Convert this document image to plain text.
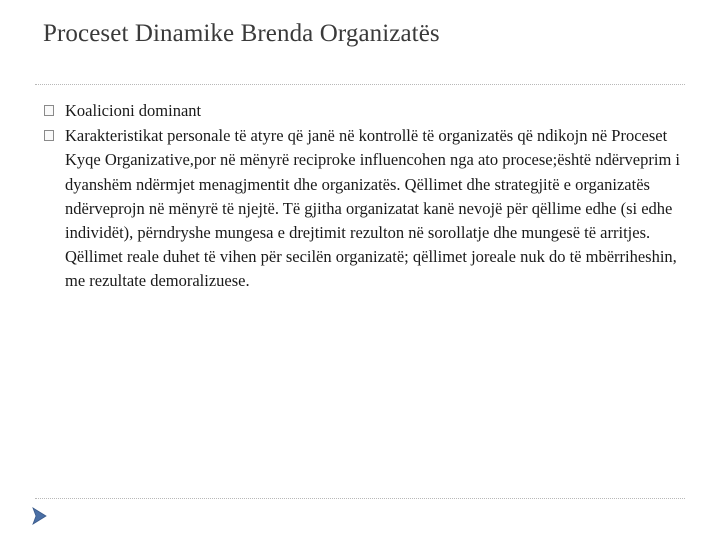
Proceset Dinamike Brenda Organizatës
Koalicioni dominant
Karakteristikat personale të atyre që janë në kontrollë të organizatës që ndikojn në Proceset Kyqe Organizative,por në mënyrë reciproke influencohen nga ato procese;është ndërveprim i dyanshëm ndërmjet menagjmentit dhe organizatës. Qëllimet dhe strategjitë e organizatës ndërveprojn në mënyrë të njejtë. Të gjitha organizatat kanë nevojë për qëllime edhe (si edhe individët), përndryshe mungesa e drejtimit rezulton në sorollatje dhe mungesë të arritjes. Qëllimet reale duhet të vihen për secilën organizatë; qëllimet joreale nuk do të mbërriheshin, me rezultate demoralizuese.
